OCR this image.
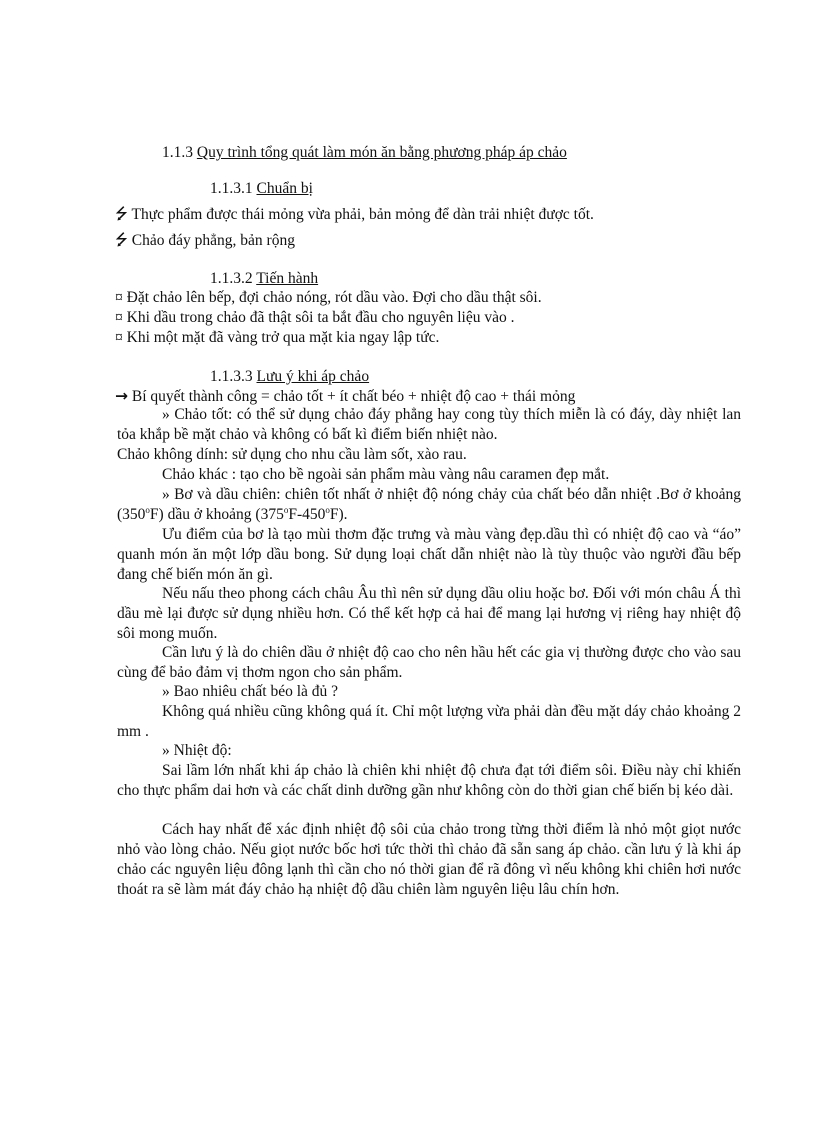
1.1.3 Quy trình tổng quát làm món ăn bằng phương pháp áp chảo
1.1.3.1 Chuẩn bị
⭍ Thực phẩm được thái mỏng vừa phải, bản mỏng để dàn trải nhiệt được tốt.
⭍ Chảo đáy phẳng, bản rộng
1.1.3.2 Tiến hành
¤ Đặt chảo lên bếp, đợi chảo nóng, rót dầu vào. Đợi cho dầu thật sôi.
¤ Khi dầu trong chảo đã thật sôi ta bắt đầu cho nguyên liệu vào .
¤ Khi một mặt đã vàng trở qua mặt kia ngay lập tức.
1.1.3.3 Lưu ý khi áp chảo
→ Bí quyết thành công = chảo tốt + ít chất béo + nhiệt độ cao + thái mỏng
» Chảo tốt: có thể sử dụng chảo đáy phẳng hay cong tùy thích miễn là có đáy, dày nhiệt lan tỏa khắp bề mặt chảo và không có bất kì điểm biến nhiệt nào.
Chảo không dính: sử dụng cho nhu cầu làm sốt, xào rau.
Chảo khác : tạo cho bề ngoài sản phẩm màu vàng nâu caramen đẹp mắt.
» Bơ và dầu chiên: chiên tốt nhất ở nhiệt độ nóng chảy của chất béo dẫn nhiệt .Bơ ở khoảng (350$^o$F) dầu ở khoảng (375$^o$F-450$^o$F).
Ưu điểm của bơ là tạo mùi thơm đặc trưng và màu vàng đẹp.dầu thì có nhiệt độ cao và “áo” quanh món ăn một lớp dầu bong. Sử dụng loại chất dẫn nhiệt nào là tùy thuộc vào người đầu bếp đang chế biến món ăn gì.
Nếu nấu theo phong cách châu Âu thì nên sử dụng dầu oliu hoặc bơ. Đối với món châu Á thì dầu mè lại được sử dụng nhiều hơn. Có thể kết hợp cả hai để mang lại hương vị riêng hay nhiệt độ sôi mong muốn.
Cần lưu ý là do chiên dầu ở nhiệt độ cao cho nên hầu hết các gia vị thường được cho vào sau cùng để bảo đảm vị thơm ngon cho sản phẩm.
» Bao nhiêu chất béo là đủ ?
Không quá nhiều cũng không quá ít. Chỉ một lượng vừa phải dàn đều mặt dáy chảo khoảng 2 mm .
» Nhiệt độ:
Sai lầm lớn nhất khi áp chảo là chiên khi nhiệt độ chưa đạt tới điểm sôi. Điều này chỉ khiến cho thực phẩm dai hơn và các chất dinh dưỡng gần như không còn do thời gian chế biến bị kéo dài.
Cách hay nhất để xác định nhiệt độ sôi của chảo trong từng thời điểm là nhỏ một giọt nước nhỏ vào lòng chảo. Nếu giọt nước bốc hơi tức thời thì chảo đã sẵn sang áp chảo. cần lưu ý là khi áp chảo các nguyên liệu đông lạnh thì cần cho nó thời gian để rã đông vì nếu không khi chiên hơi nước thoát ra sẽ làm mát đáy chảo hạ nhiệt độ dầu chiên làm nguyên liệu lâu chín hơn.
